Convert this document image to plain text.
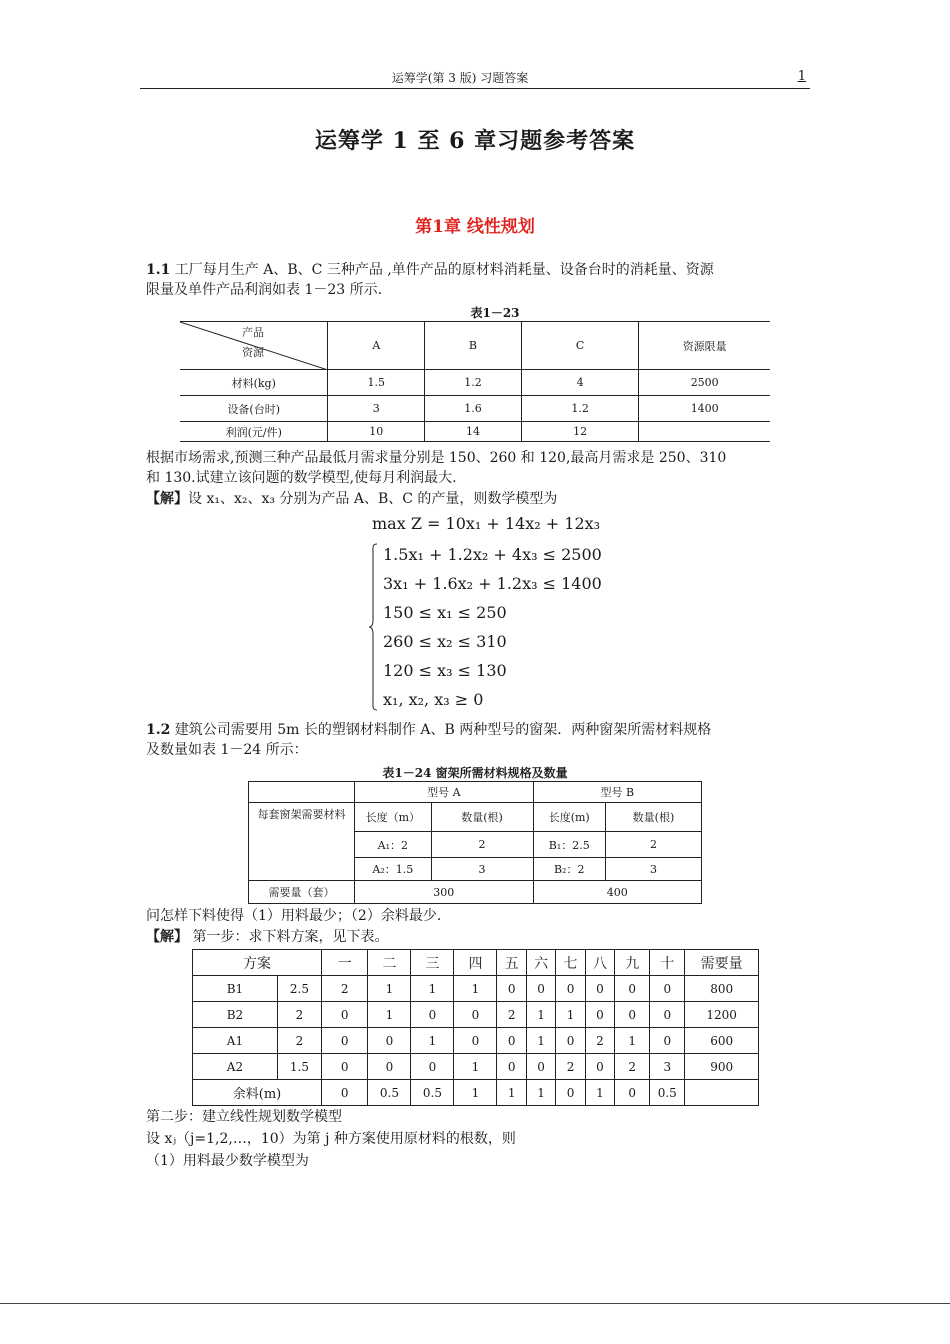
运筹学(第 3 版) 习题答案	1
运筹学 1 至 6 章习题参考答案
第1章 线性规划
1.1 工厂每月生产 A、B、C 三种产品 ,单件产品的原材料消耗量、设备台时的消耗量、资源
限量及单件产品利润如表 1－23 所示.
表1－23
产品
资源	A	B	C	资源限量
材料(kg)	1.5	1.2	4	2500
设备(台时)	3	1.6	1.2	1400
利润(元/件)	10	14	12	
根据市场需求,预测三种产品最低月需求量分别是 150、260 和 120,最高月需求是 250、310
和 130.试建立该问题的数学模型,使每月利润最大.
【解】设 x₁、x₂、x₃ 分别为产品 A、B、C 的产量，则数学模型为
max Z = 10x₁ + 14x₂ + 12x₃
1.5x₁ + 1.2x₂ + 4x₃ ≤ 2500
3x₁ + 1.6x₂ + 1.2x₃ ≤ 1400
150 ≤ x₁ ≤ 250
260 ≤ x₂ ≤ 310
120 ≤ x₃ ≤ 130
x₁, x₂, x₃ ≥ 0
1.2 建筑公司需要用 5m 长的塑钢材料制作 A、B 两种型号的窗架．两种窗架所需材料规格
及数量如表 1－24 所示：
表1－24 窗架所需材料规格及数量
	型号 A		型号 B	
每套窗架需要材料	长度（m）	数量(根)	长度(m)	数量(根)
	A₁：2	2	B₁：2.5	2
	A₂：1.5	3	B₂：2	3
需要量（套）	300		400	
问怎样下料使得（1）用料最少；（2）余料最少.
【解】 第一步：求下料方案，见下表。
方案		一	二	三	四	五	六	七	八	九	十	需要量
B1	2.5	2	1	1	1	0	0	0	0	0	0	800
B2	2	0	1	0	0	2	1	1	0	0	0	1200
A1	2	0	0	1	0	0	1	0	2	1	0	600
A2	1.5	0	0	0	1	0	0	2	0	2	3	900
余料(m)		0	0.5	0.5	1	1	1	0	1	0	0.5	
第二步：建立线性规划数学模型
设 xⱼ（j=1,2,…，10）为第 j 种方案使用原材料的根数，则
（1）用料最少数学模型为
